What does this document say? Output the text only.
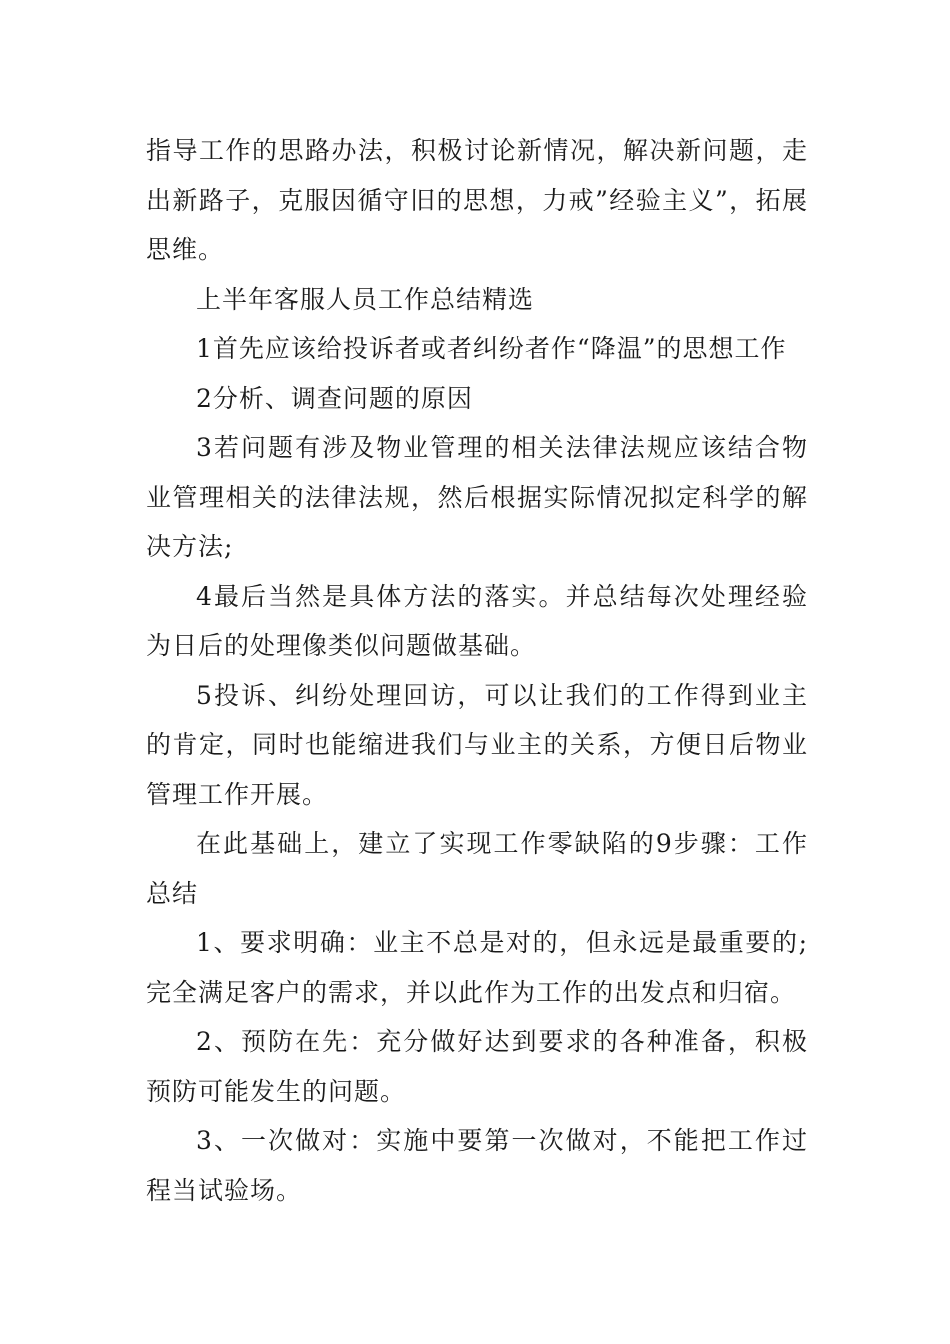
指导工作的思路办法，积极讨论新情况，解决新问题，走出新路子，克服因循守旧的思想，力戒”经验主义”，拓展思维。

上半年客服人员工作总结精选

1首先应该给投诉者或者纠纷者作“降温”的思想工作

2分析、调查问题的原因

3若问题有涉及物业管理的相关法律法规应该结合物业管理相关的法律法规，然后根据实际情况拟定科学的解决方法;

4最后当然是具体方法的落实。并总结每次处理经验为日后的处理像类似问题做基础。

5投诉、纠纷处理回访，可以让我们的工作得到业主的肯定，同时也能缩进我们与业主的关系，方便日后物业管理工作开展。

在此基础上，建立了实现工作零缺陷的9步骤：工作总结

1、要求明确：业主不总是对的，但永远是最重要的;完全满足客户的需求，并以此作为工作的出发点和归宿。

2、预防在先：充分做好达到要求的各种准备，积极预防可能发生的问题。

3、一次做对：实施中要第一次做对，不能把工作过程当试验场。
